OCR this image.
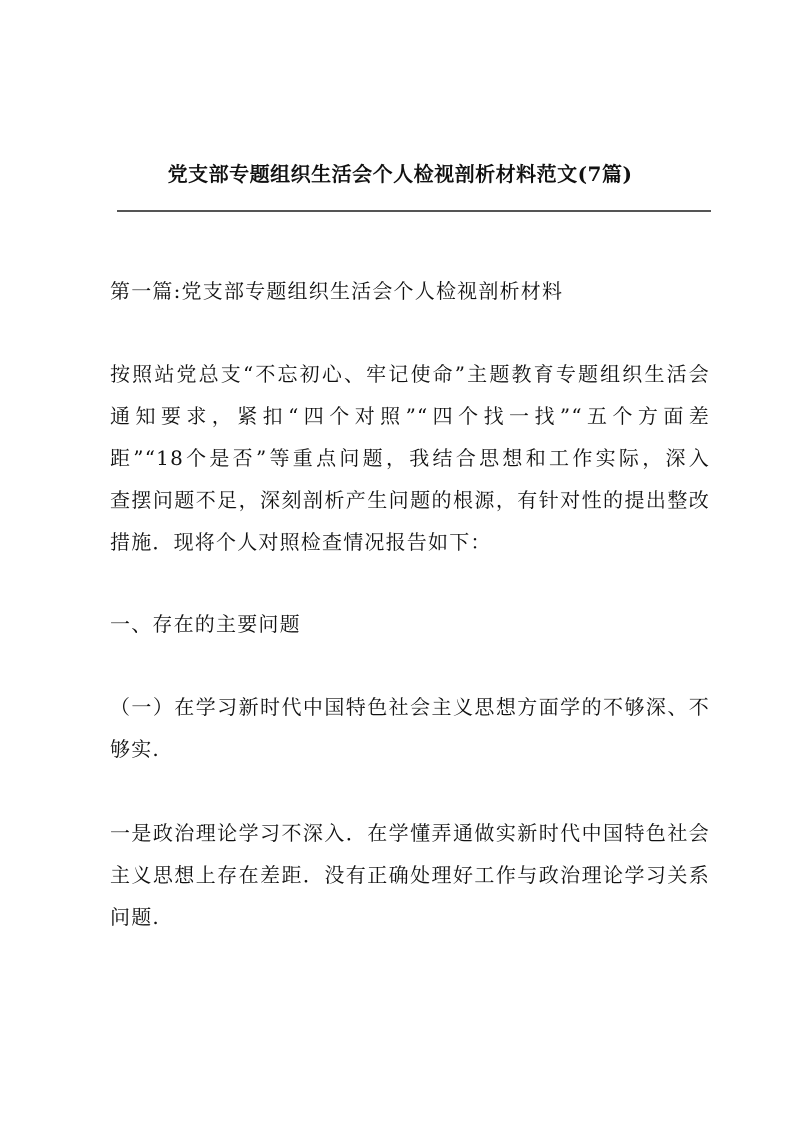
党支部专题组织生活会个人检视剖析材料范文(7篇)
第一篇:党支部专题组织生活会个人检视剖析材料
按照站党总支“不忘初心、牢记使命”主题教育专题组织生活会
通知要求，紧扣“四个对照”“四个找一找”“五个方面差
距”“18个是否”等重点问题，我结合思想和工作实际，深入
查摆问题不足，深刻剖析产生问题的根源，有针对性的提出整改
措施．现将个人对照检查情况报告如下：
一、存在的主要问题
（一）在学习新时代中国特色社会主义思想方面学的不够深、不
够实.
一是政治理论学习不深入．在学懂弄通做实新时代中国特色社会
主义思想上存在差距．没有正确处理好工作与政治理论学习关系
问题.
